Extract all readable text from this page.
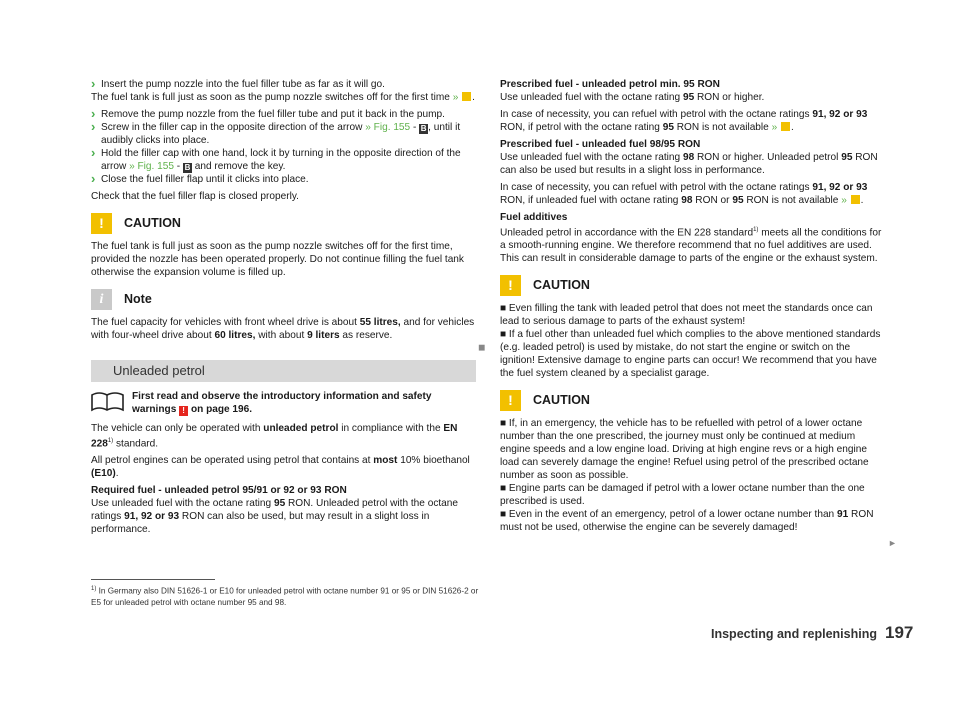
› Insert the pump nozzle into the fuel filler tube as far as it will go.

The fuel tank is full just as soon as the pump nozzle switches off for the first time » .

› Remove the pump nozzle from the fuel filler tube and put it back in the pump.
› Screw in the filler cap in the opposite direction of the arrow » Fig. 155 - B , until it audibly clicks into place.
› Hold the filler cap with one hand, lock it by turning in the opposite direction of the arrow » Fig. 155 - B and remove the key.
› Close the fuel filler flap until it clicks into place.

Check that the fuel filler flap is closed properly.

!	CAUTION

The fuel tank is full just as soon as the pump nozzle switches off for the first time, provided the nozzle has been operated properly. Do not continue filling the fuel tank otherwise the expansion volume is filled up.

i	Note

The fuel capacity for vehicles with front wheel drive is about 55 litres, and for vehicles with four-wheel drive about 60 litres, with about 9 liters as reserve.

Unleaded petrol
First read and observe the introductory information and safety warnings ! on page 196.

The vehicle can only be operated with unleaded petrol in compliance with the EN 228$^{1)}$ standard.

All petrol engines can be operated using petrol that contains at most 10% bioethanol (E10).

Required fuel - unleaded petrol 95/91 or 92 or 93 RON
Use unleaded fuel with the octane rating 95 RON. Unleaded petrol with the octane ratings 91, 92 or 93 RON can also be used, but may result in a slight loss in performance.

◼

Prescribed fuel - unleaded petrol min. 95 RON
Use unleaded fuel with the octane rating 95 RON or higher.

In case of necessity, you can refuel with petrol with the octane ratings 91, 92 or 93 RON, if petrol with the octane rating 95 RON is not available » .

Prescribed fuel - unleaded fuel 98/95 RON
Use unleaded fuel with the octane rating 98 RON or higher. Unleaded petrol 95 RON can also be used but results in a slight loss in performance.

In case of necessity, you can refuel with petrol with the octane ratings 91, 92 or 93 RON, if unleaded fuel with octane rating 98 RON or 95 RON is not available » .

Fuel additives
Unleaded petrol in accordance with the EN 228 standard$^{1)}$ meets all the conditions for a smooth-running engine. We therefore recommend that no fuel additives are used. This can result in considerable damage to parts of the engine or the exhaust system.

!	CAUTION

■ Even filling the tank with leaded petrol that does not meet the standards once can lead to serious damage to parts of the exhaust system!

■ If a fuel other than unleaded fuel which complies to the above mentioned standards (e.g. leaded petrol) is used by mistake, do not start the engine or switch on the ignition! Extensive damage to engine parts can occur! We recommend that you have the fuel system cleaned by a specialist garage.

!	CAUTION

■ If, in an emergency, the vehicle has to be refuelled with petrol of a lower octane number than the one prescribed, the journey must only be continued at medium engine speeds and a low engine load. Driving at high engine revs or a high engine load can severely damage the engine! Refuel using petrol of the prescribed octane number as soon as possible.

■ Engine parts can be damaged if petrol with a lower octane number than the one prescribed is used.

■ Even in the event of an emergency, petrol of a lower octane number than 91 RON must not be used, otherwise the engine can be severely damaged!

►
$^{1)}$ In Germany also DIN 51626-1 or E10 for unleaded petrol with octane number 91 or 95 or DIN 51626-2 or E5 for unleaded petrol with octane number 95 and 98.
Inspecting and replenishing 197
